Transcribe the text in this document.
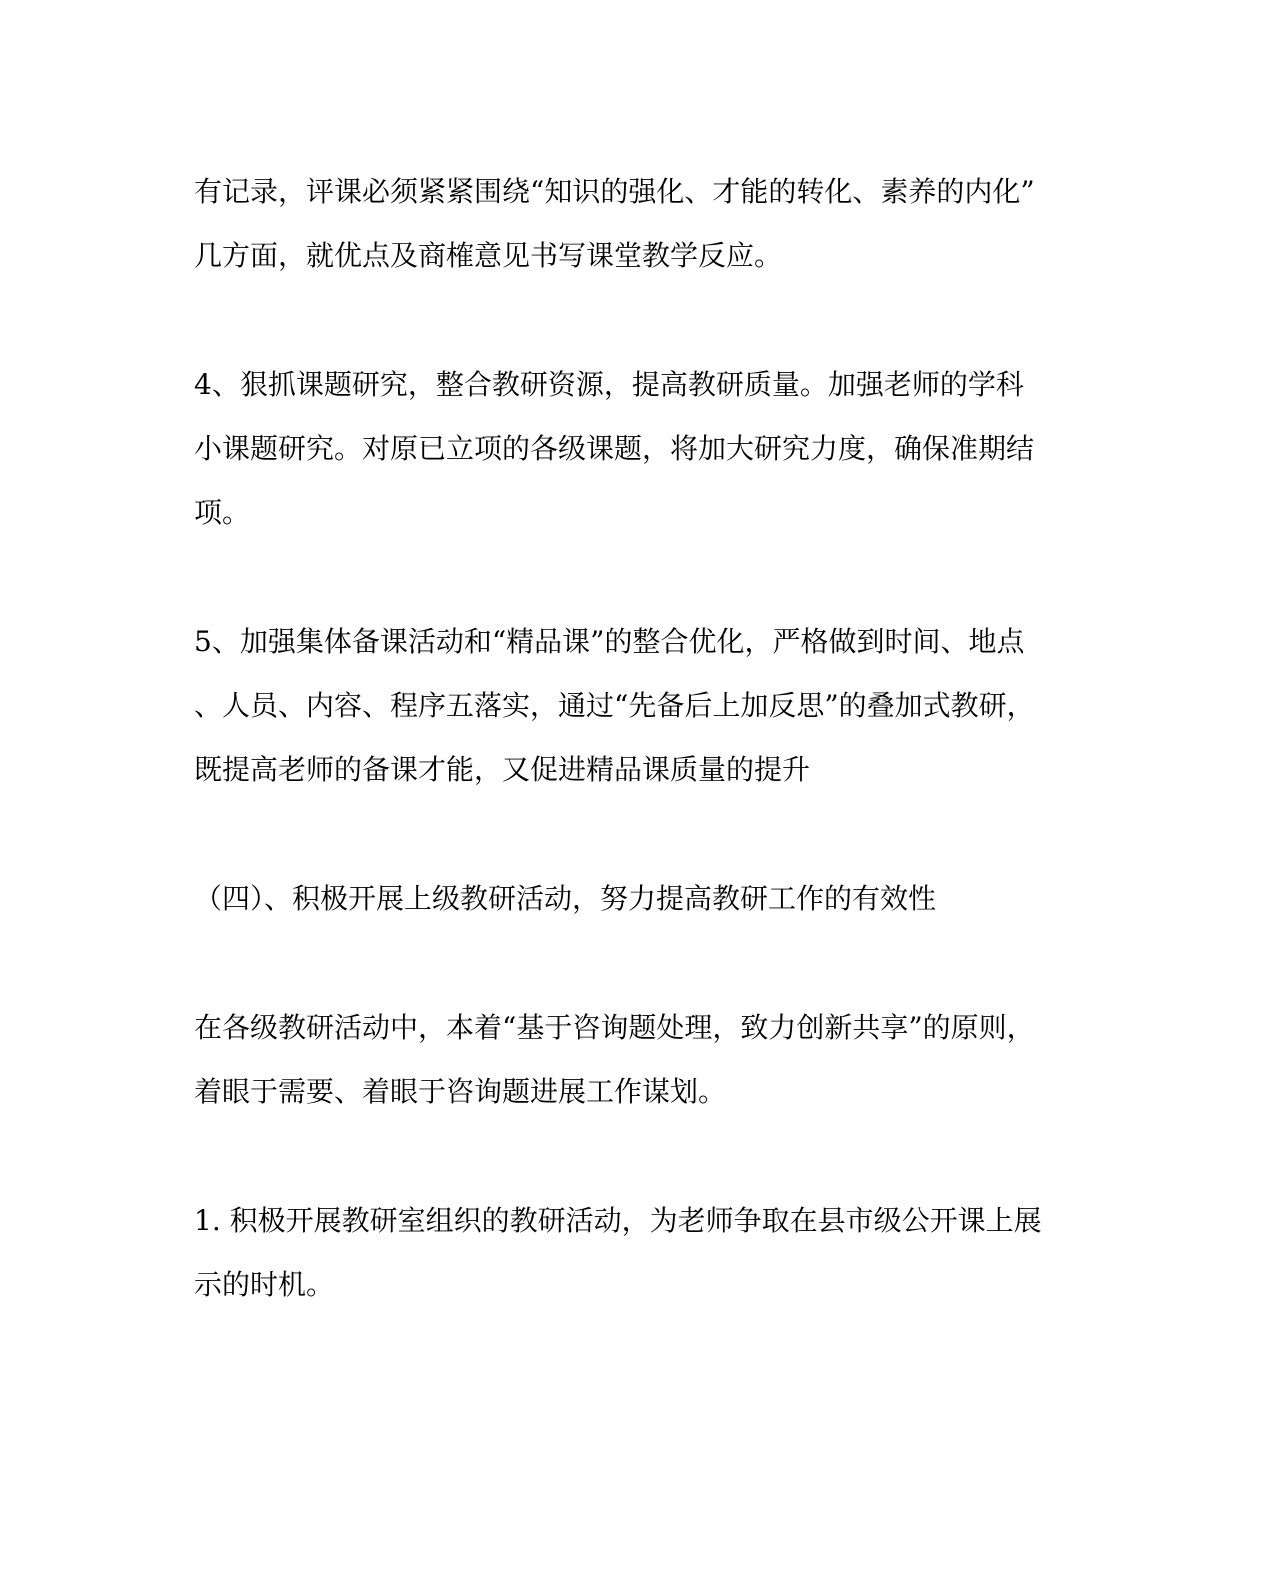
有记录，评课必须紧紧围绕“知识的强化、才能的转化、素养的内化”
几方面，就优点及商榷意见书写课堂教学反应。
4、狠抓课题研究，整合教研资源，提高教研质量。加强老师的学科
小课题研究。对原已立项的各级课题，将加大研究力度，确保准期结
项。
5、加强集体备课活动和“精品课”的整合优化，严格做到时间、地点
、人员、内容、程序五落实，通过“先备后上加反思”的叠加式教研，
既提高老师的备课才能，又促进精品课质量的提升
（四）、积极开展上级教研活动，努力提高教研工作的有效性
在各级教研活动中，本着“基于咨询题处理，致力创新共享”的原则，
着眼于需要、着眼于咨询题进展工作谋划。
1. 积极开展教研室组织的教研活动，为老师争取在县市级公开课上展
示的时机。
